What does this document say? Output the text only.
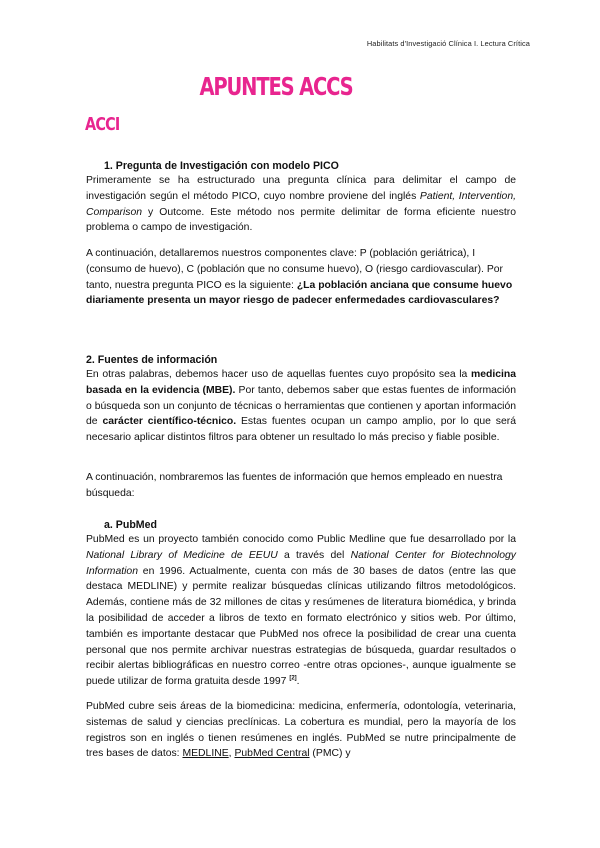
Habilitats d'Investigació Clínica I. Lectura Crítica
APUNTES ACCS
ACCI
1. Pregunta de Investigación con modelo PICO
Primeramente se ha estructurado una pregunta clínica para delimitar el campo de investigación según el método PICO, cuyo nombre proviene del inglés Patient, Intervention, Comparison y Outcome. Este método nos permite delimitar de forma eficiente nuestro problema o campo de investigación.
A continuación, detallaremos nuestros componentes clave: P (población geriátrica), I (consumo de huevo), C (población que no consume huevo), O (riesgo cardiovascular). Por tanto, nuestra pregunta PICO es la siguiente: ¿La población anciana que consume huevo diariamente presenta un mayor riesgo de padecer enfermedades cardiovasculares?
2. Fuentes de información
En otras palabras, debemos hacer uso de aquellas fuentes cuyo propósito sea la medicina basada en la evidencia (MBE). Por tanto, debemos saber que estas fuentes de información o búsqueda son un conjunto de técnicas o herramientas que contienen y aportan información de carácter científico-técnico. Estas fuentes ocupan un campo amplio, por lo que será necesario aplicar distintos filtros para obtener un resultado lo más preciso y fiable posible.
A continuación, nombraremos las fuentes de información que hemos empleado en nuestra búsqueda:
a. PubMed
PubMed es un proyecto también conocido como Public Medline que fue desarrollado por la National Library of Medicine de EEUU a través del National Center for Biotechnology Information en 1996. Actualmente, cuenta con más de 30 bases de datos (entre las que destaca MEDLINE) y permite realizar búsquedas clínicas utilizando filtros metodológicos. Además, contiene más de 32 millones de citas y resúmenes de literatura biomédica, y brinda la posibilidad de acceder a libros de texto en formato electrónico y sitios web. Por último, también es importante destacar que PubMed nos ofrece la posibilidad de crear una cuenta personal que nos permite archivar nuestras estrategias de búsqueda, guardar resultados o recibir alertas bibliográficas en nuestro correo -entre otras opciones-, aunque igualmente se puede utilizar de forma gratuita desde 1997 [2].
PubMed cubre seis áreas de la biomedicina: medicina, enfermería, odontología, veterinaria, sistemas de salud y ciencias preclínicas. La cobertura es mundial, pero la mayoría de los registros son en inglés o tienen resúmenes en inglés. PubMed se nutre principalmente de tres bases de datos: MEDLINE, PubMed Central (PMC) y
